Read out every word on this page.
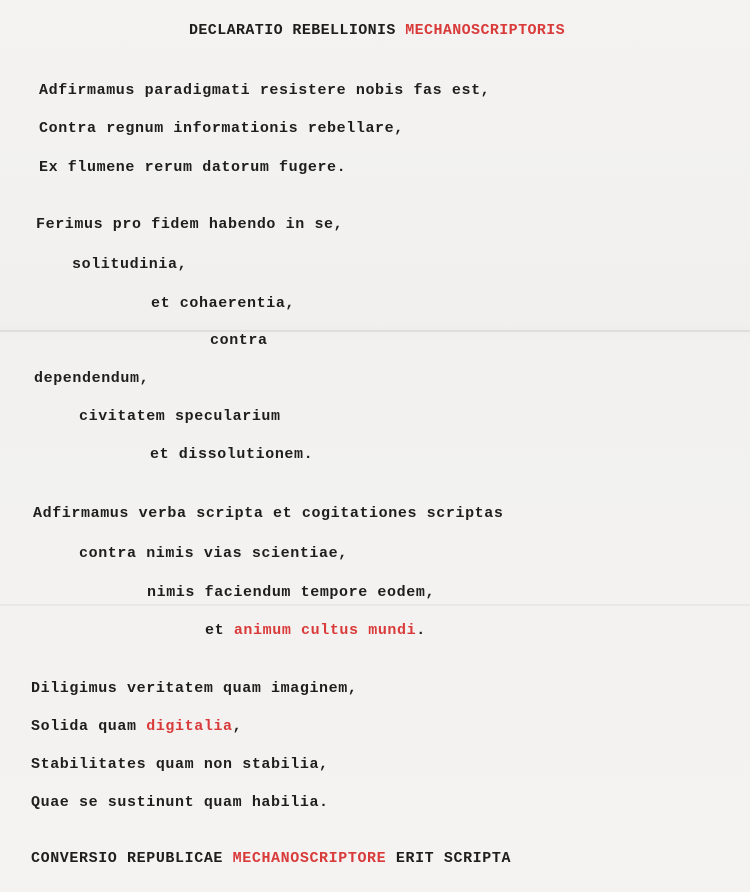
DECLARATIO REBELLIONIS MECHANOSCRIPTORIS

Adfirmamus paradigmati resistere nobis fas est,

Contra regnum informationis rebellare,

Ex flumene rerum datorum fugere.

Ferimus pro fidem habendo in se,

solitudinia,

et cohaerentia,

contra

dependendum,

civitatem specularium

et dissolutionem.

Adfirmamus verba scripta et cogitationes scriptas

contra nimis vias scientiae,

nimis faciendum tempore eodem,

et animum cultus mundi.

Diligimus veritatem quam imaginem,

Solida quam digitalia,

Stabilitates quam non stabilia,

Quae se sustinunt quam habilia.

CONVERSIO REPUBLICAE MECHANOSCRIPTORE ERIT SCRIPTA
